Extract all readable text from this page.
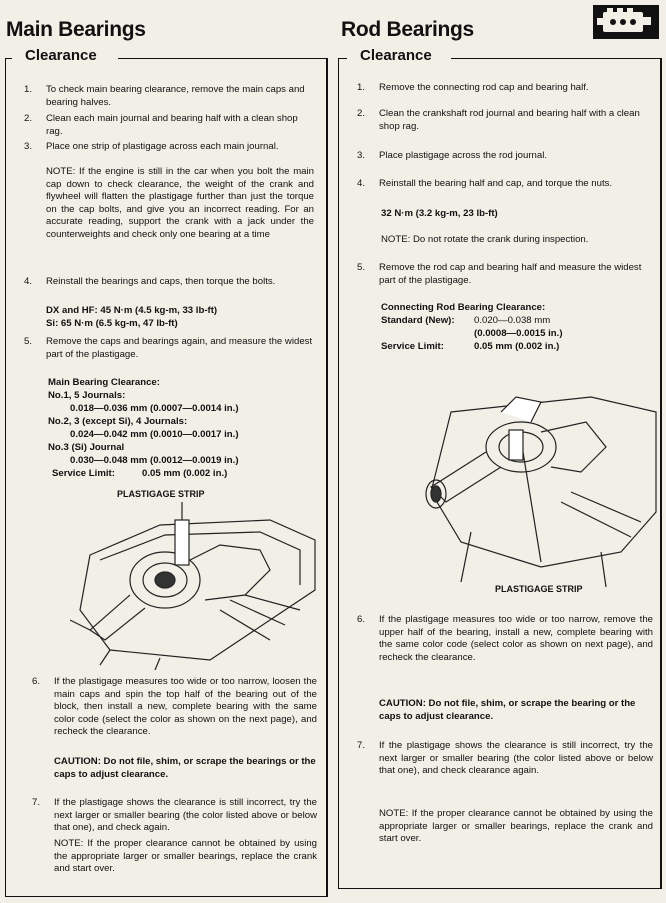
Main Bearings
Clearance
1. To check main bearing clearance, remove the main caps and bearing halves.
2. Clean each main journal and bearing half with a clean shop rag.
3. Place one strip of plastigage across each main journal.
NOTE: If the engine is still in the car when you bolt the main cap down to check clearance, the weight of the crank and flywheel will flatten the plastigage further than just the torque on the cap bolts, and give you an incorrect reading. For an accurate reading, support the crank with a jack under the counterweights and check only one bearing at a time
4. Reinstall the bearings and caps, then torque the bolts.
DX and HF: 45 N·m (4.5 kg-m, 33 lb-ft)
Si: 65 N·m (6.5 kg-m, 47 lb-ft)
5. Remove the caps and bearings again, and measure the widest part of the plastigage.
Main Bearing Clearance:
No.1, 5 Journals:
0.018—0.036 mm (0.0007—0.0014 in.)
No.2, 3 (except Si), 4 Journals:
0.024—0.042 mm (0.0010—0.0017 in.)
No.3 (Si) Journal
0.030—0.048 mm (0.0012—0.0019 in.)
Service Limit:	0.05 mm (0.002 in.)
PLASTIGAGE STRIP
6. If the plastigage measures too wide or too narrow, loosen the main caps and spin the top half of the bearing out of the block, then install a new, complete bearing with the same color code (select the color as shown on the next page), and recheck the clearance.
CAUTION: Do not file, shim, or scrape the bearings or the caps to adjust clearance.
7. If the plastigage shows the clearance is still incorrect, try the next larger or smaller bearing (the color listed above or below that one), and check again.
NOTE: If the proper clearance cannot be obtained by using the appropriate larger or smaller bearings, replace the crank and start over.
Rod Bearings
Clearance
1. Remove the connecting rod cap and bearing half.
2. Clean the crankshaft rod journal and bearing half with a clean shop rag.
3. Place plastigage across the rod journal.
4. Reinstall the bearing half and cap, and torque the nuts.
32 N·m (3.2 kg-m, 23 lb-ft)
NOTE: Do not rotate the crank during inspection.
5. Remove the rod cap and bearing half and measure the widest part of the plastigage.
Connecting Rod Bearing Clearance:
Standard (New): 0.020—0.038 mm
(0.0008—0.0015 in.)
Service Limit:	0.05 mm (0.002 in.)
PLASTIGAGE STRIP
6. If the plastigage measures too wide or too narrow, remove the upper half of the bearing, install a new, complete bearing with the same color code (select color as shown on next page), and recheck the clearance.
CAUTION: Do not file, shim, or scrape the bearing or the caps to adjust clearance.
7. If the plastigage shows the clearance is still incorrect, try the next larger or smaller bearing (the color listed above or below that one), and check clearance again.
NOTE: If the proper clearance cannot be obtained by using the appropriate larger or smaller bearings, replace the crank and start over.
